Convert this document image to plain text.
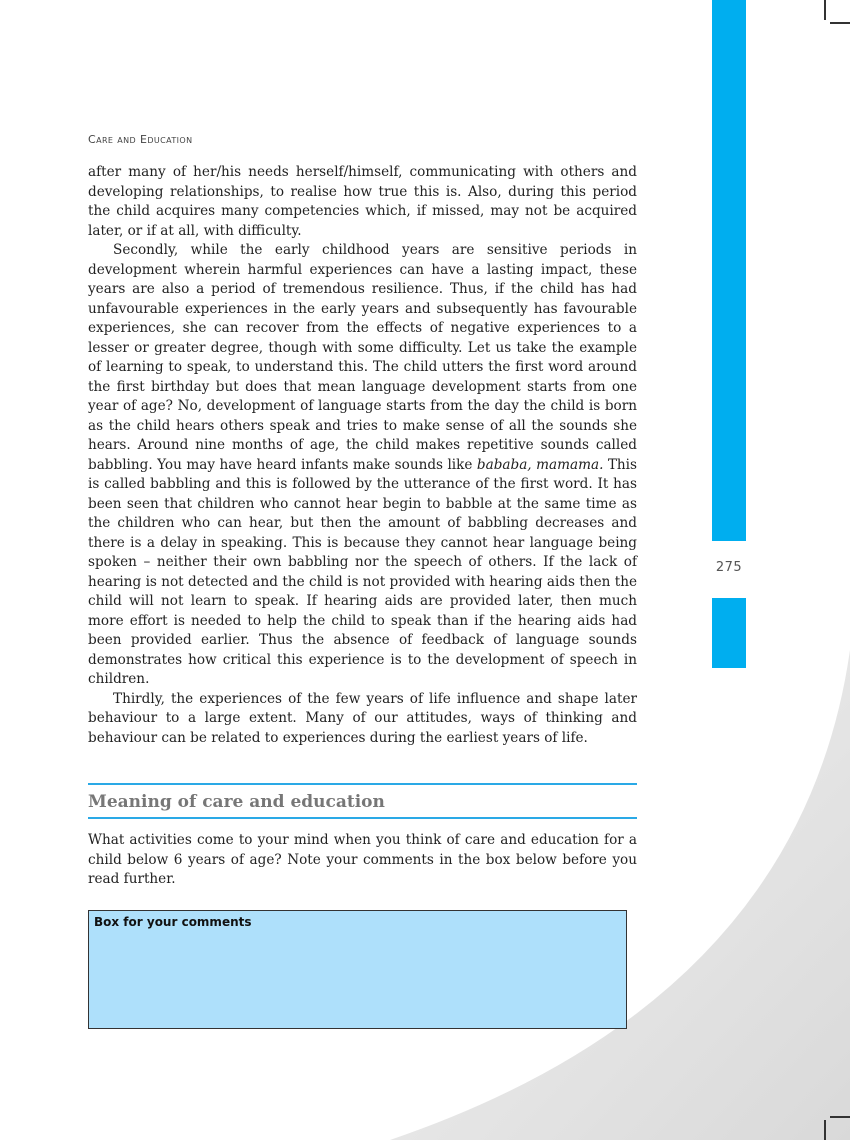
275
Care and Education

after many of her/his needs herself/himself, communicating with others and developing relationships, to realise how true this is. Also, during this period the child acquires many competencies which, if missed, may not be acquired later, or if at all, with difficulty.

Secondly, while the early childhood years are sensitive periods in development wherein harmful experiences can have a lasting impact, these years are also a period of tremendous resilience. Thus, if the child has had unfavourable experiences in the early years and subsequently has favourable experiences, she can recover from the effects of negative experiences to a lesser or greater degree, though with some difficulty. Let us take the example of learning to speak, to understand this. The child utters the first word around the first birthday but does that mean language development starts from one year of age? No, development of language starts from the day the child is born as the child hears others speak and tries to make sense of all the sounds she hears. Around nine months of age, the child makes repetitive sounds called babbling. You may have heard infants make sounds like bababa, mamama. This is called babbling and this is followed by the utterance of the first word. It has been seen that children who cannot hear begin to babble at the same time as the children who can hear, but then the amount of babbling decreases and there is a delay in speaking. This is because they cannot hear language being spoken – neither their own babbling nor the speech of others. If the lack of hearing is not detected and the child is not provided with hearing aids then the child will not learn to speak. If hearing aids are provided later, then much more effort is needed to help the child to speak than if the hearing aids had been provided earlier. Thus the absence of feedback of language sounds demonstrates how critical this experience is to the development of speech in children.

Thirdly, the experiences of the few years of life influence and shape later behaviour to a large extent. Many of our attitudes, ways of thinking and behaviour can be related to experiences during the earliest years of life.

Meaning of care and education

What activities come to your mind when you think of care and education for a child below 6 years of age? Note your comments in the box below before you read further.

Box for your comments
